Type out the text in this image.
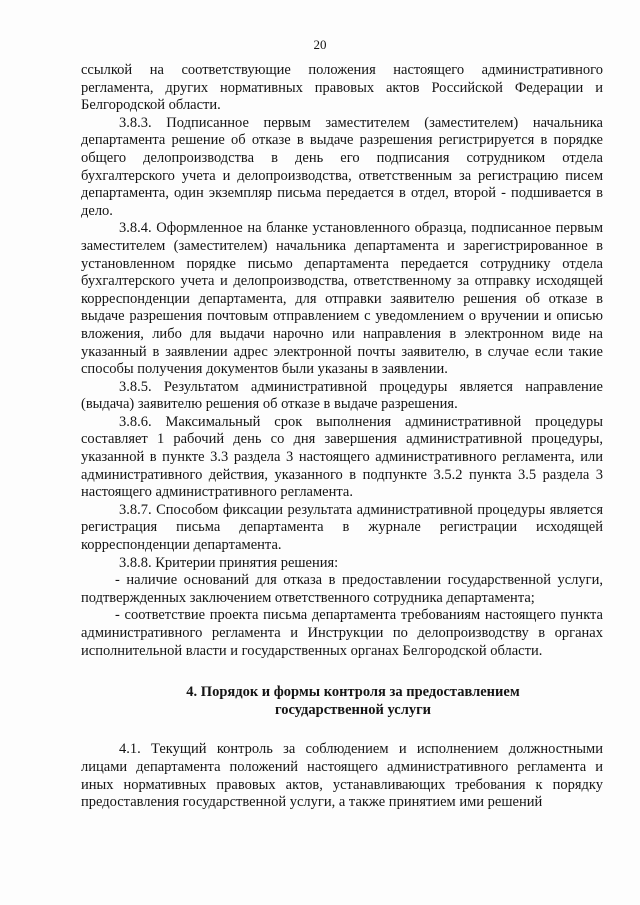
20

ссылкой на соответствующие положения настоящего административного регламента, других нормативных правовых актов Российской Федерации и Белгородской области.

3.8.3. Подписанное первым заместителем (заместителем) начальника департамента решение об отказе в выдаче разрешения регистрируется в порядке общего делопроизводства в день его подписания сотрудником отдела бухгалтерского учета и делопроизводства, ответственным за регистрацию писем департамента, один экземпляр письма передается в отдел, второй - подшивается в дело.

3.8.4. Оформленное на бланке установленного образца, подписанное первым заместителем (заместителем) начальника департамента и зарегистрированное в установленном порядке письмо департамента передается сотруднику отдела бухгалтерского учета и делопроизводства, ответственному за отправку исходящей корреспонденции департамента, для отправки заявителю решения об отказе в выдаче разрешения почтовым отправлением с уведомлением о вручении и описью вложения, либо для выдачи нарочно или направления в электронном виде на указанный в заявлении адрес электронной почты заявителю, в случае если такие способы получения документов были указаны в заявлении.

3.8.5. Результатом административной процедуры является направление (выдача) заявителю решения об отказе в выдаче разрешения.

3.8.6. Максимальный срок выполнения административной процедуры составляет 1 рабочий день со дня завершения административной процедуры, указанной в пункте 3.3 раздела 3 настоящего административного регламента, или административного действия, указанного в подпункте 3.5.2 пункта 3.5 раздела 3 настоящего административного регламента.

3.8.7. Способом фиксации результата административной процедуры является регистрация письма департамента в журнале регистрации исходящей корреспонденции департамента.

3.8.8. Критерии принятия решения:

- наличие оснований для отказа в предоставлении государственной услуги, подтвержденных заключением ответственного сотрудника департамента;

- соответствие проекта письма департамента требованиям настоящего пункта административного регламента и Инструкции по делопроизводству в органах исполнительной власти и государственных органах Белгородской области.

4. Порядок и формы контроля за предоставлением
государственной услуги

4.1. Текущий контроль за соблюдением и исполнением должностными лицами департамента положений настоящего административного регламента и иных нормативных правовых актов, устанавливающих требования к порядку предоставления государственной услуги, а также принятием ими решений
